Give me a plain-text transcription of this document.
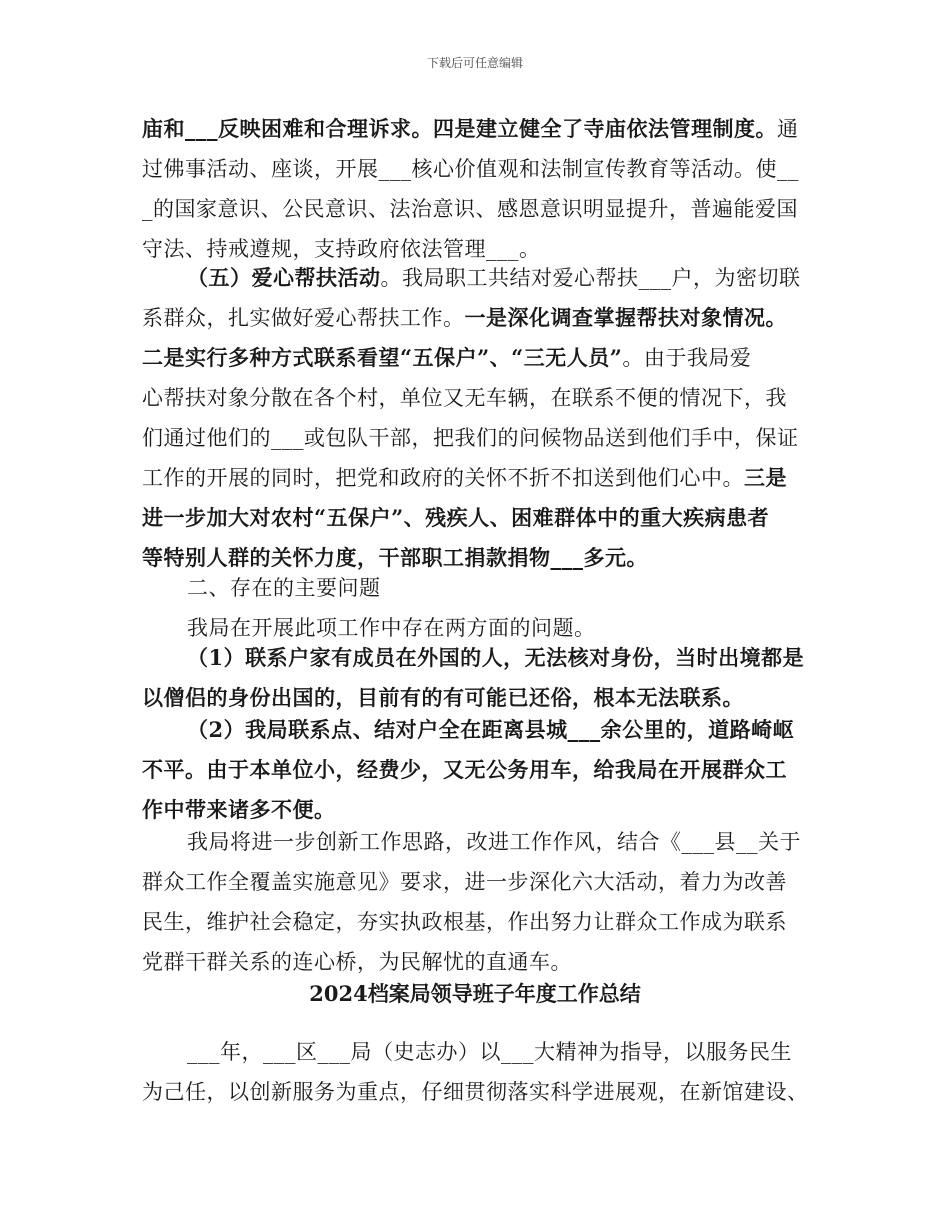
下载后可任意编辑
庙和___反映困难和合理诉求。四是建立健全了寺庙依法管理制度。通
过佛事活动、座谈，开展___核心价值观和法制宣传教育等活动。使__
_的国家意识、公民意识、法治意识、感恩意识明显提升，普遍能爱国
守法、持戒遵规，支持政府依法管理___。
（五）爱心帮扶活动。我局职工共结对爱心帮扶___户，为密切联
系群众，扎实做好爱心帮扶工作。一是深化调查掌握帮扶对象情况。
二是实行多种方式联系看望“五保户”、“三无人员”。由于我局爱
心帮扶对象分散在各个村，单位又无车辆，在联系不便的情况下，我
们通过他们的___或包队干部，把我们的问候物品送到他们手中，保证
工作的开展的同时，把党和政府的关怀不折不扣送到他们心中。三是
进一步加大对农村“五保户”、残疾人、困难群体中的重大疾病患者
等特别人群的关怀力度，干部职工捐款捐物___多元。
二、存在的主要问题
我局在开展此项工作中存在两方面的问题。
（1）联系户家有成员在外国的人，无法核对身份，当时出境都是
以僧侣的身份出国的，目前有的有可能已还俗，根本无法联系。
（2）我局联系点、结对户全在距离县城___余公里的，道路崎岖
不平。由于本单位小，经费少，又无公务用车，给我局在开展群众工
作中带来诸多不便。
我局将进一步创新工作思路，改进工作作风，结合《___县__关于
群众工作全覆盖实施意见》要求，进一步深化六大活动，着力为改善
民生，维护社会稳定，夯实执政根基，作出努力让群众工作成为联系
党群干群关系的连心桥，为民解忧的直通车。
___年，___区___局（史志办）以___大精神为指导，以服务民生
为己任，以创新服务为重点，仔细贯彻落实科学进展观，在新馆建设、
2024档案局领导班子年度工作总结
